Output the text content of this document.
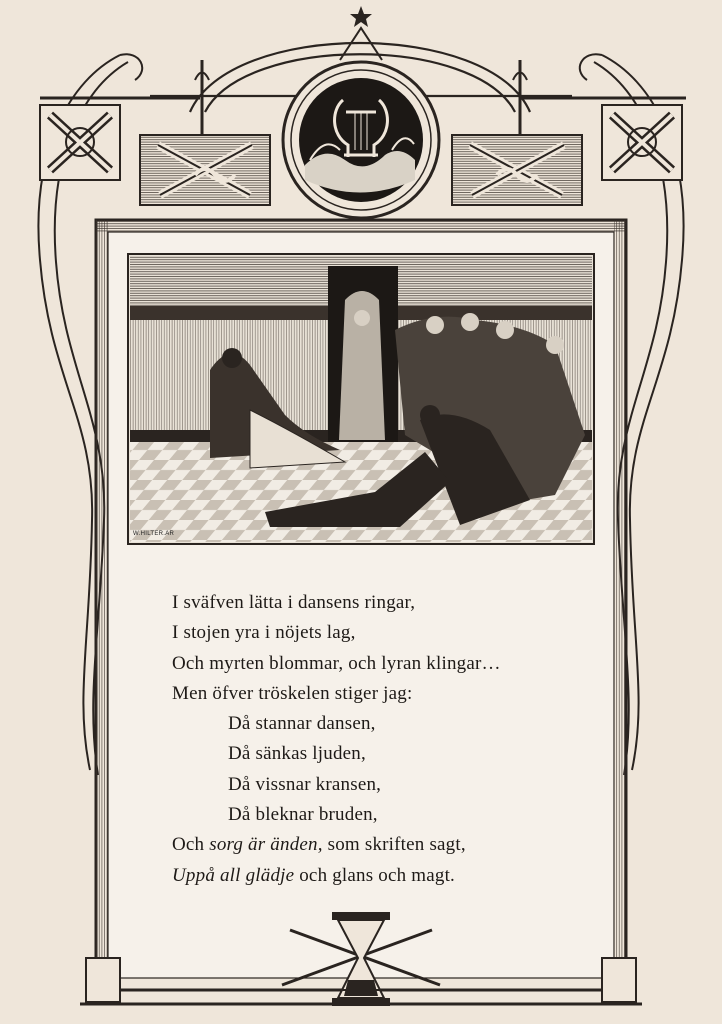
W.HILTER.AR
I sväfven lätta i dansens ringar,
I stojen yra i nöjets lag,
Och myrten blommar, och lyran klingar…
Men öfver tröskelen stiger jag:
Då stannar dansen,
Då sänkas ljuden,
Då vissnar kransen,
Då bleknar bruden,
Och sorg är änden, som skriften sagt,
Uppå all glädje och glans och magt.
